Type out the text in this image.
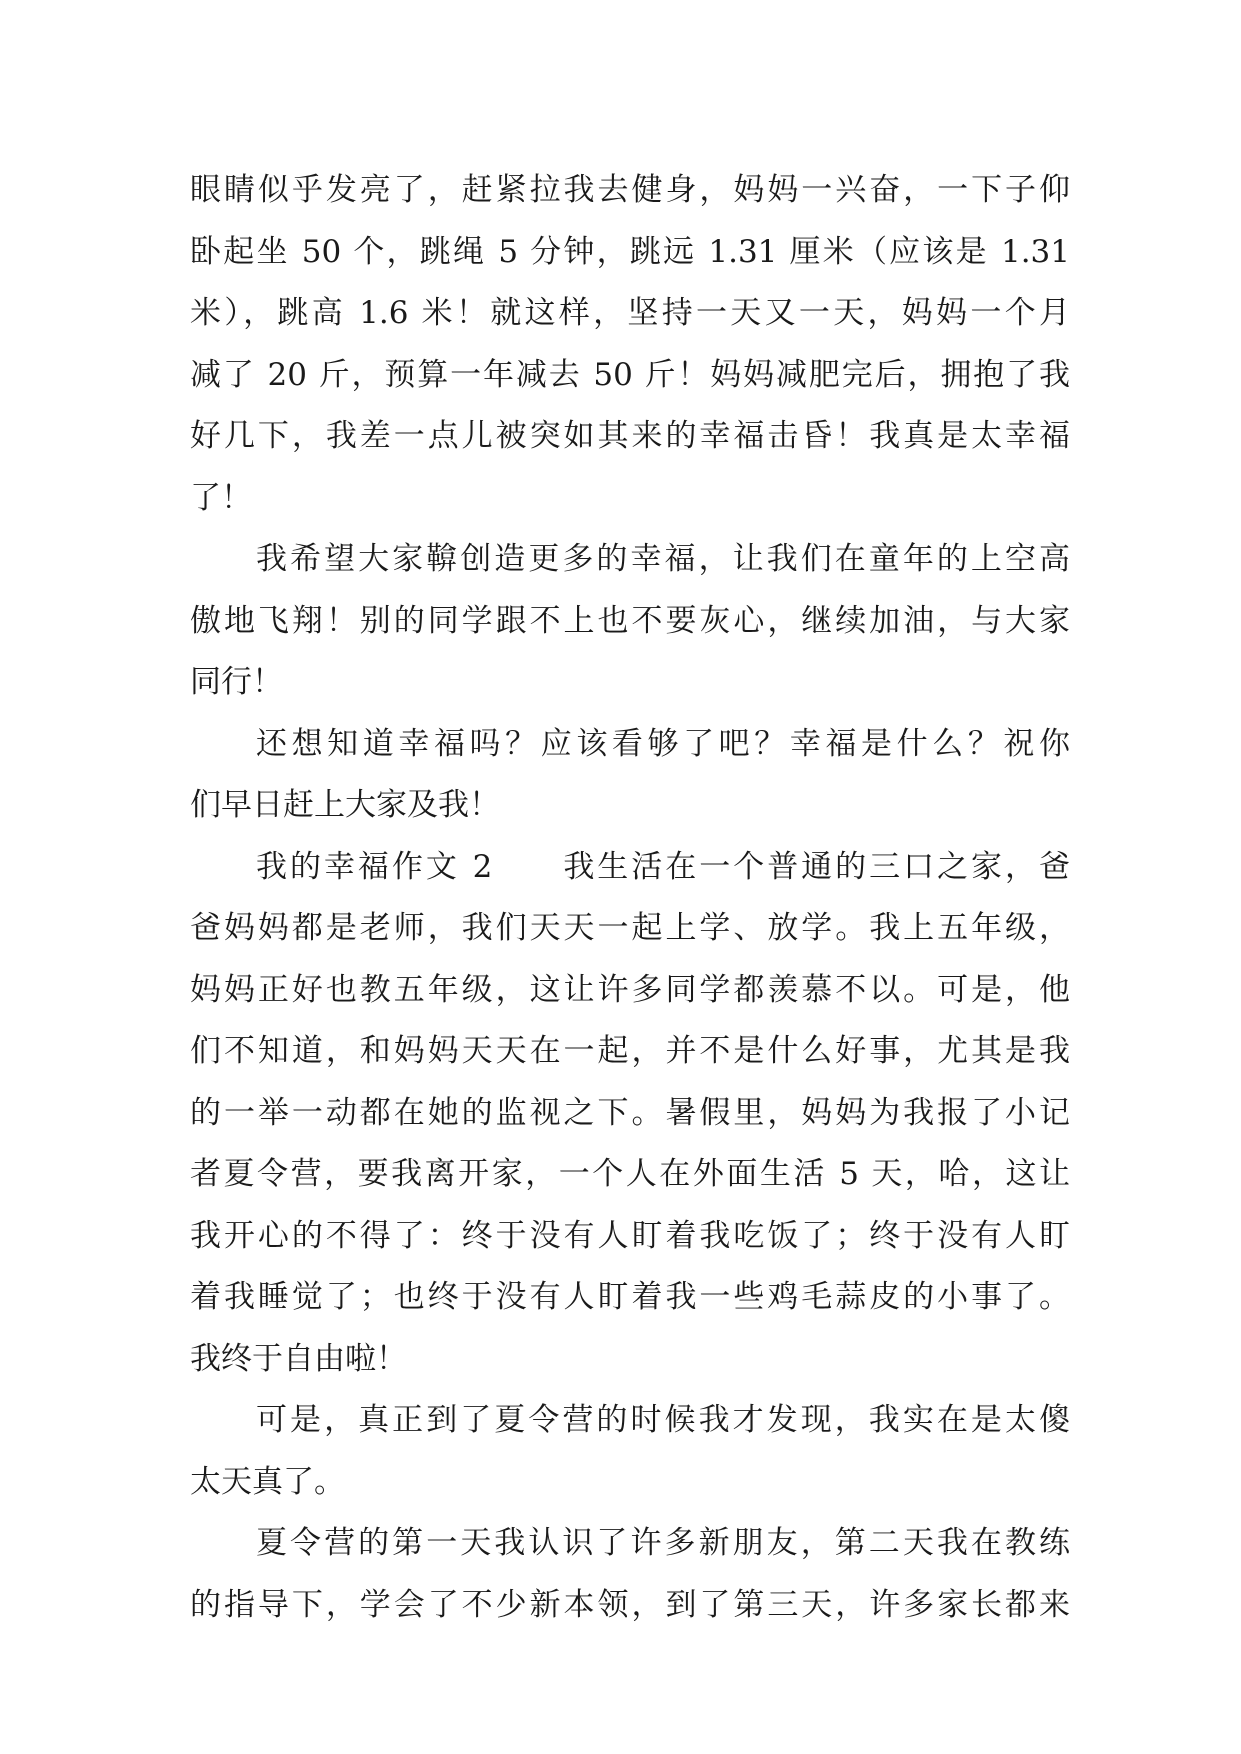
眼睛似乎发亮了，赶紧拉我去健身，妈妈一兴奋，一下子仰
卧起坐 50 个，跳绳 5 分钟，跳远 1.31 厘米（应该是 1.31
米），跳高 1.6 米！就这样，坚持一天又一天，妈妈一个月
减了 20 斤，预算一年减去 50 斤！妈妈减肥完后，拥抱了我
好几下，我差一点儿被突如其来的幸福击昏！我真是太幸福
了！
我希望大家鞥创造更多的幸福，让我们在童年的上空高
傲地飞翔！别的同学跟不上也不要灰心，继续加油，与大家
同行！
还想知道幸福吗？应该看够了吧？幸福是什么？祝你
们早日赶上大家及我！
我的幸福作文 2　　我生活在一个普通的三口之家，爸
爸妈妈都是老师，我们天天一起上学、放学。我上五年级，
妈妈正好也教五年级，这让许多同学都羡慕不以。可是，他
们不知道，和妈妈天天在一起，并不是什么好事，尤其是我
的一举一动都在她的监视之下。暑假里，妈妈为我报了小记
者夏令营，要我离开家，一个人在外面生活 5 天，哈，这让
我开心的不得了：终于没有人盯着我吃饭了；终于没有人盯
着我睡觉了；也终于没有人盯着我一些鸡毛蒜皮的小事了。
我终于自由啦！
可是，真正到了夏令营的时候我才发现，我实在是太傻
太天真了。
夏令营的第一天我认识了许多新朋友，第二天我在教练
的指导下，学会了不少新本领，到了第三天，许多家长都来
